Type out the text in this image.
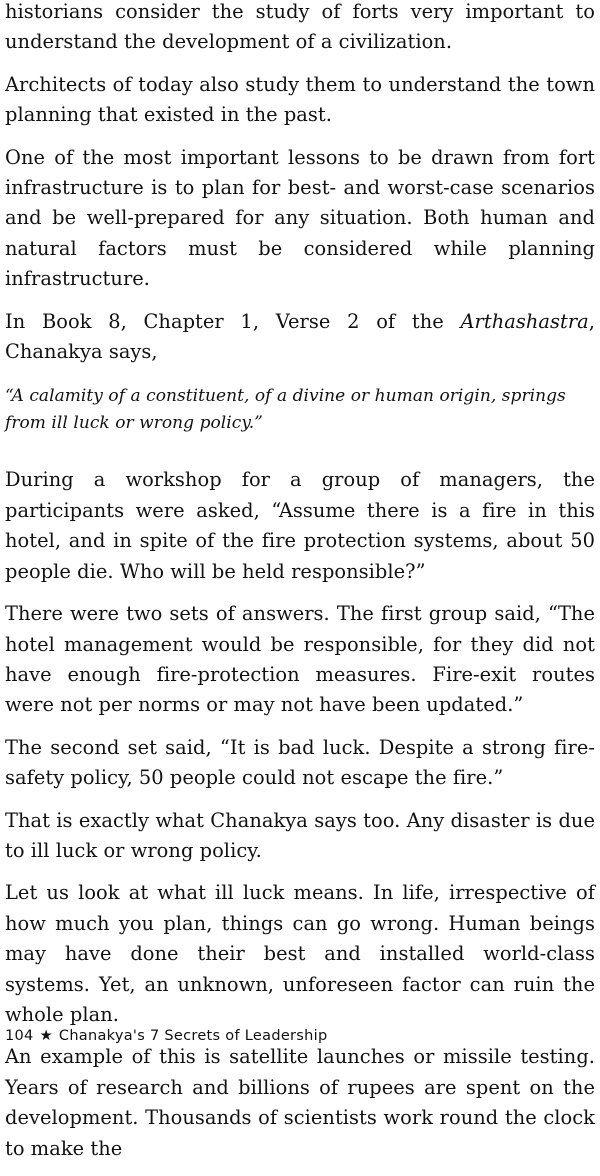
historians consider the study of forts very important to understand the development of a civilization.

Architects of today also study them to understand the town planning that existed in the past.

One of the most important lessons to be drawn from fort infrastructure is to plan for best- and worst-case scenarios and be well-prepared for any situation. Both human and natural factors must be considered while planning infrastructure.

In Book 8, Chapter 1, Verse 2 of the Arthashastra, Chanakya says,

“A calamity of a constituent, of a divine or human origin, springs from ill luck or wrong policy.”

During a workshop for a group of managers, the participants were asked, “Assume there is a fire in this hotel, and in spite of the fire protection systems, about 50 people die. Who will be held responsible?”

There were two sets of answers. The first group said, “The hotel management would be responsible, for they did not have enough fire-protection measures. Fire-exit routes were not per norms or may not have been updated.”

The second set said, “It is bad luck. Despite a strong fire-safety policy, 50 people could not escape the fire.”

That is exactly what Chanakya says too. Any disaster is due to ill luck or wrong policy.

Let us look at what ill luck means. In life, irrespective of how much you plan, things can go wrong. Human beings may have done their best and installed world-class systems. Yet, an unknown, unforeseen factor can ruin the whole plan.

An example of this is satellite launches or missile testing. Years of research and billions of rupees are spent on the development. Thousands of scientists work round the clock to make the

104 ★ Chanakya's 7 Secrets of Leadership
